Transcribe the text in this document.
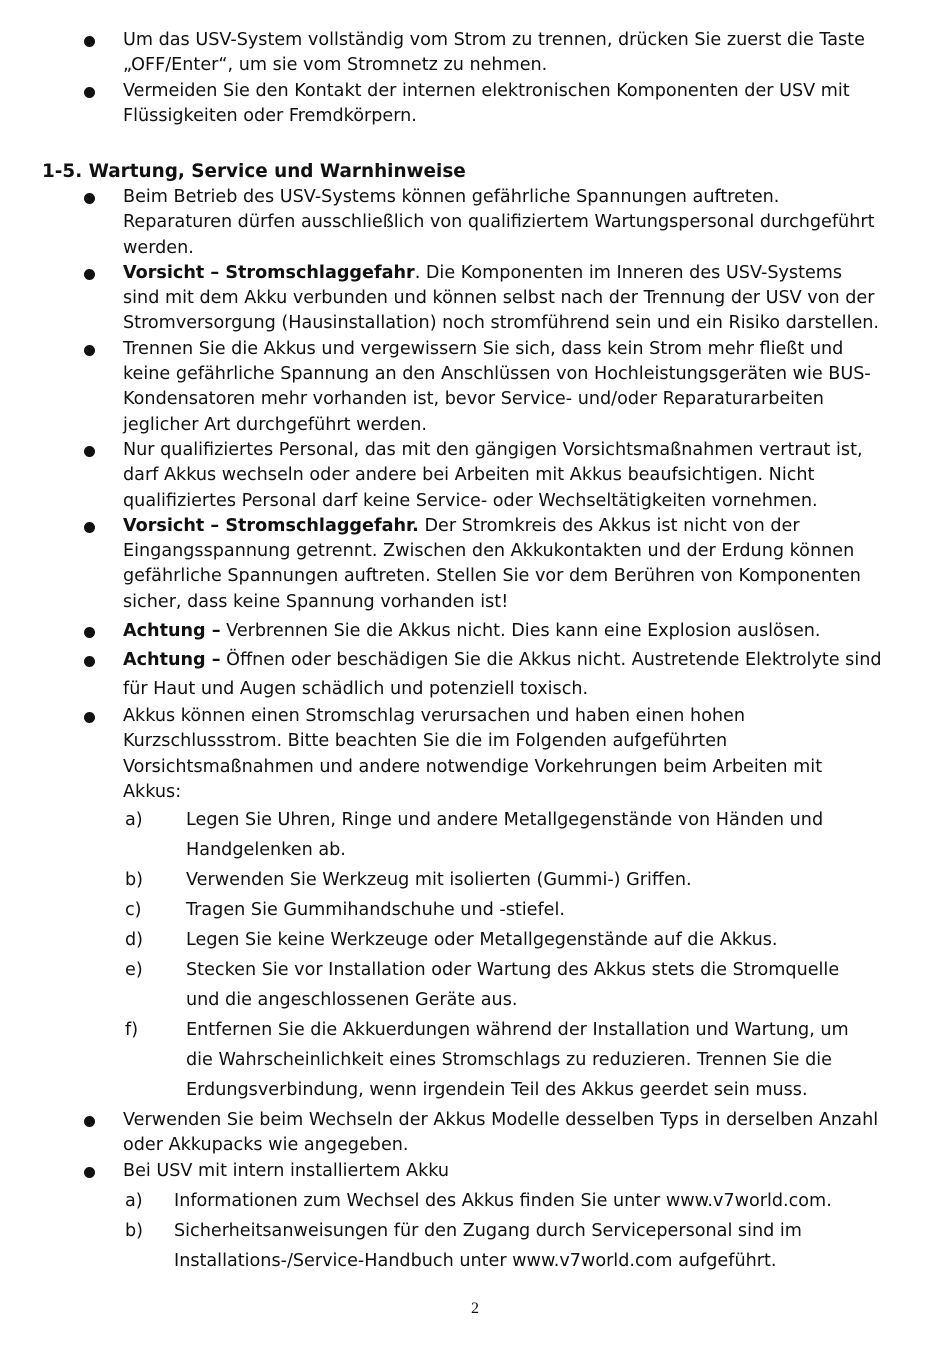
Um das USV-System vollständig vom Strom zu trennen, drücken Sie zuerst die Taste „OFF/Enter“, um sie vom Stromnetz zu nehmen.
Vermeiden Sie den Kontakt der internen elektronischen Komponenten der USV mit Flüssigkeiten oder Fremdkörpern.
1-5. Wartung, Service und Warnhinweise
Beim Betrieb des USV-Systems können gefährliche Spannungen auftreten. Reparaturen dürfen ausschließlich von qualifiziertem Wartungspersonal durchgeführt werden.
Vorsicht – Stromschlaggefahr. Die Komponenten im Inneren des USV-Systems sind mit dem Akku verbunden und können selbst nach der Trennung der USV von der Stromversorgung (Hausinstallation) noch stromführend sein und ein Risiko darstellen.
Trennen Sie die Akkus und vergewissern Sie sich, dass kein Strom mehr fließt und keine gefährliche Spannung an den Anschlüssen von Hochleistungsgeräten wie BUS-Kondensatoren mehr vorhanden ist, bevor Service- und/oder Reparaturarbeiten jeglicher Art durchgeführt werden.
Nur qualifiziertes Personal, das mit den gängigen Vorsichtsmaßnahmen vertraut ist, darf Akkus wechseln oder andere bei Arbeiten mit Akkus beaufsichtigen. Nicht qualifiziertes Personal darf keine Service- oder Wechseltätigkeiten vornehmen.
Vorsicht – Stromschlaggefahr. Der Stromkreis des Akkus ist nicht von der Eingangsspannung getrennt. Zwischen den Akkukontakten und der Erdung können gefährliche Spannungen auftreten. Stellen Sie vor dem Berühren von Komponenten sicher, dass keine Spannung vorhanden ist!
Achtung – Verbrennen Sie die Akkus nicht. Dies kann eine Explosion auslösen.
Achtung – Öffnen oder beschädigen Sie die Akkus nicht. Austretende Elektrolyte sind für Haut und Augen schädlich und potenziell toxisch.
Akkus können einen Stromschlag verursachen und haben einen hohen Kurzschlussstrom. Bitte beachten Sie die im Folgenden aufgeführten Vorsichtsmaßnahmen und andere notwendige Vorkehrungen beim Arbeiten mit Akkus:
a) Legen Sie Uhren, Ringe und andere Metallgegenstände von Händen und Handgelenken ab.
b) Verwenden Sie Werkzeug mit isolierten (Gummi-) Griffen.
c)	Tragen Sie Gummihandschuhe und -stiefel.
d) Legen Sie keine Werkzeuge oder Metallgegenstände auf die Akkus.
e) Stecken Sie vor Installation oder Wartung des Akkus stets die Stromquelle und die angeschlossenen Geräte aus.
f)	Entfernen Sie die Akkuerdungen während der Installation und Wartung, um die Wahrscheinlichkeit eines Stromschlags zu reduzieren. Trennen Sie die Erdungsverbindung, wenn irgendein Teil des Akkus geerdet sein muss.
Verwenden Sie beim Wechseln der Akkus Modelle desselben Typs in derselben Anzahl oder Akkupacks wie angegeben.
Bei USV mit intern installiertem Akku
a) Informationen zum Wechsel des Akkus finden Sie unter www.v7world.com.
b) Sicherheitsanweisungen für den Zugang durch Servicepersonal sind im Installations-/Service-Handbuch unter www.v7world.com aufgeführt.
2
